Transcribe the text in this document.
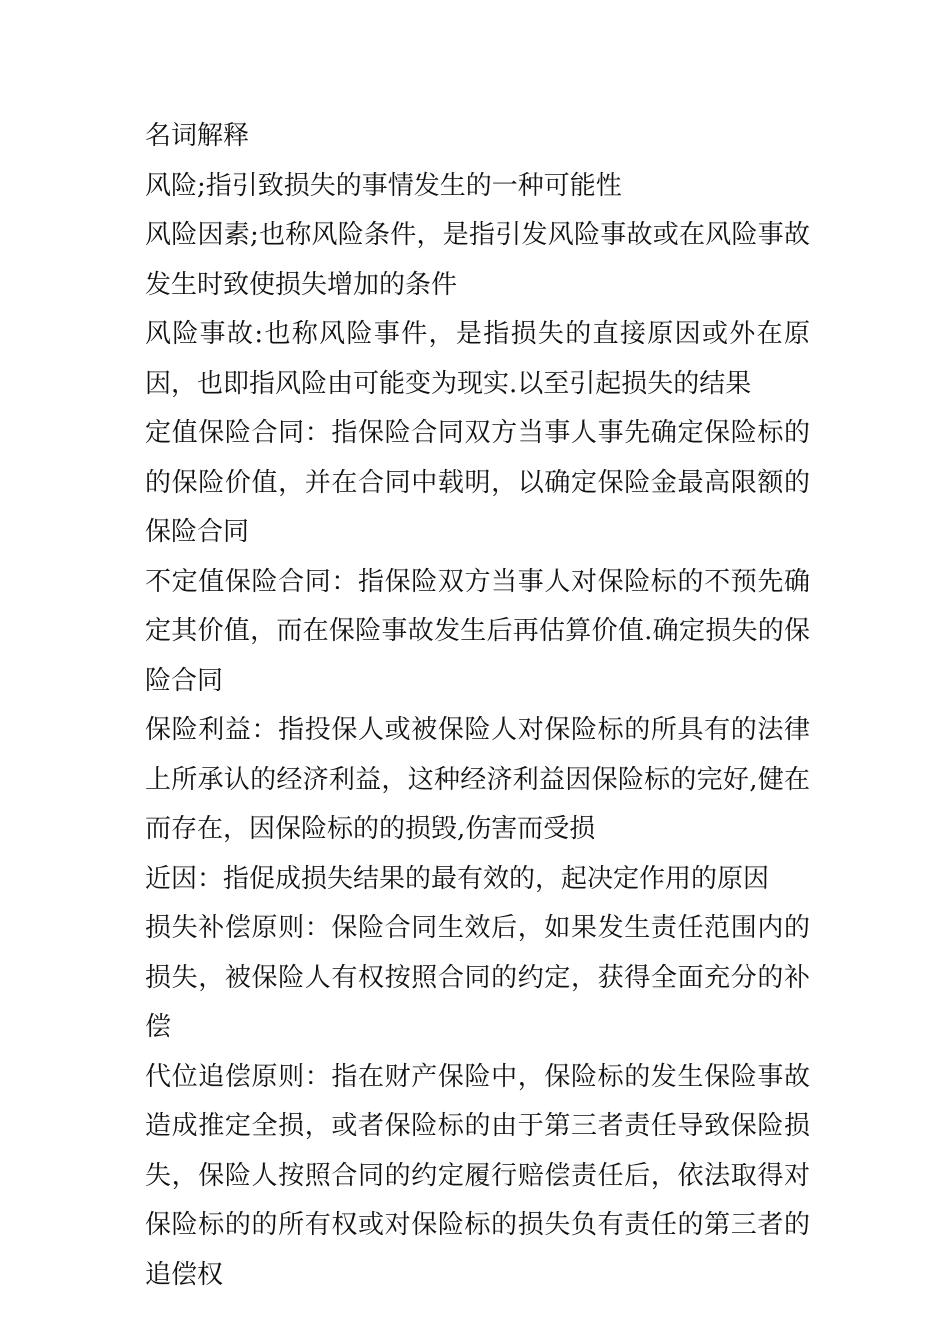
名词解释

风险;指引致损失的事情发生的一种可能性

风险因素;也称风险条件，是指引发风险事故或在风险事故发生时致使损失增加的条件

风险事故:也称风险事件，是指损失的直接原因或外在原因，也即指风险由可能变为现实.以至引起损失的结果

定值保险合同：指保险合同双方当事人事先确定保险标的的保险价值，并在合同中载明，以确定保险金最高限额的保险合同

不定值保险合同：指保险双方当事人对保险标的不预先确定其价值，而在保险事故发生后再估算价值.确定损失的保险合同

保险利益：指投保人或被保险人对保险标的所具有的法律上所承认的经济利益，这种经济利益因保险标的完好,健在而存在，因保险标的的损毁,伤害而受损

近因：指促成损失结果的最有效的，起决定作用的原因

损失补偿原则：保险合同生效后，如果发生责任范围内的损失，被保险人有权按照合同的约定，获得全面充分的补偿

代位追偿原则：指在财产保险中，保险标的发生保险事故造成推定全损，或者保险标的由于第三者责任导致保险损失，保险人按照合同的约定履行赔偿责任后，依法取得对保险标的的所有权或对保险标的损失负有责任的第三者的追偿权
